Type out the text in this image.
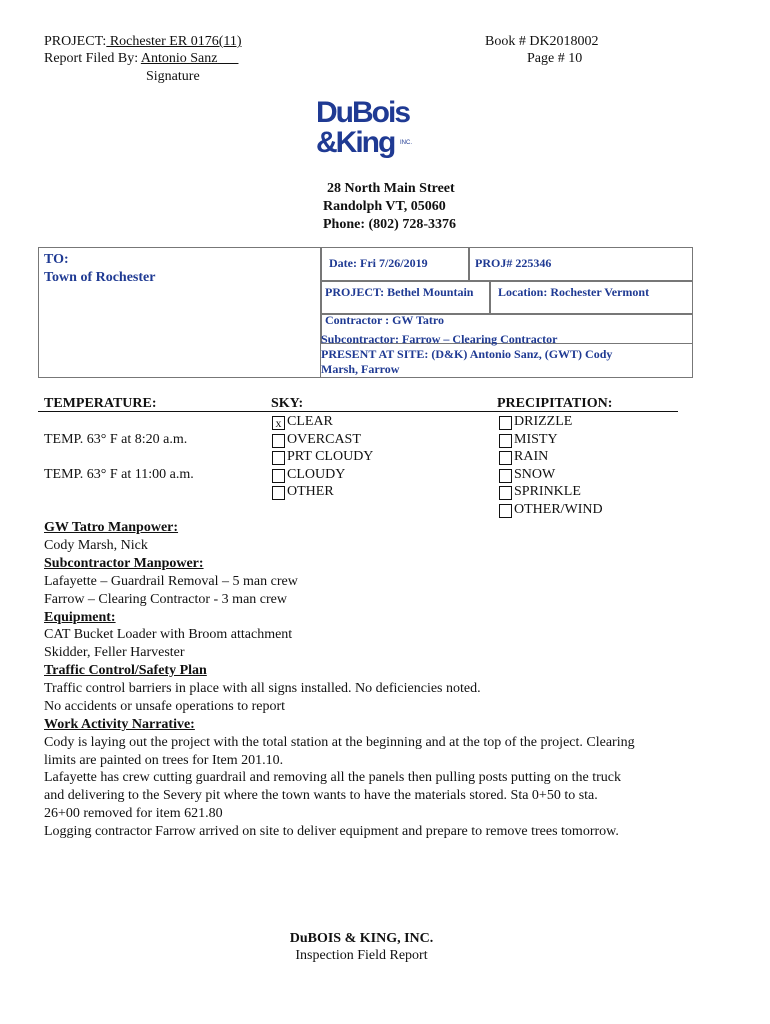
PROJECT: Rochester ER 0176(11)
Report Filed By: Antonio Sanz
Signature
Book # DK2018002
Page # 10
DuBois
&King INC.
28 North Main Street
Randolph VT, 05060
Phone: (802) 728-3376
TO:
Town of Rochester
Date: Fri 7/26/2019	PROJ# 225346
PROJECT: Bethel Mountain Location: Rochester Vermont
Contractor : GW Tatro
Subcontractor: Farrow – Clearing Contractor
PRESENT AT SITE: (D&K) Antonio Sanz, (GWT) Cody
Marsh, Farrow
TEMPERATURE:
TEMP. 63° F at 8:20 a.m.
TEMP. 63° F at 11:00 a.m.
SKY:
x CLEAR
OVERCAST
PRT CLOUDY
CLOUDY
OTHER
PRECIPITATION:
DRIZZLE
MISTY
RAIN
SNOW
SPRINKLE
OTHER/WIND
GW Tatro Manpower:
Cody Marsh, Nick
Subcontractor Manpower:
Lafayette – Guardrail Removal – 5 man crew
Farrow – Clearing Contractor - 3 man crew
Equipment:
CAT Bucket Loader with Broom attachment
Skidder, Feller Harvester
Traffic Control/Safety Plan
Traffic control barriers in place with all signs installed. No deficiencies noted.
No accidents or unsafe operations to report
Work Activity Narrative:
Cody is laying out the project with the total station at the beginning and at the top of the project. Clearing
limits are painted on trees for Item 201.10.
Lafayette has crew cutting guardrail and removing all the panels then pulling posts putting on the truck
and delivering to the Severy pit where the town wants to have the materials stored. Sta 0+50 to sta.
26+00 removed for item 621.80
Logging contractor Farrow arrived on site to deliver equipment and prepare to remove trees tomorrow.
DuBOIS & KING, INC.
Inspection Field Report
